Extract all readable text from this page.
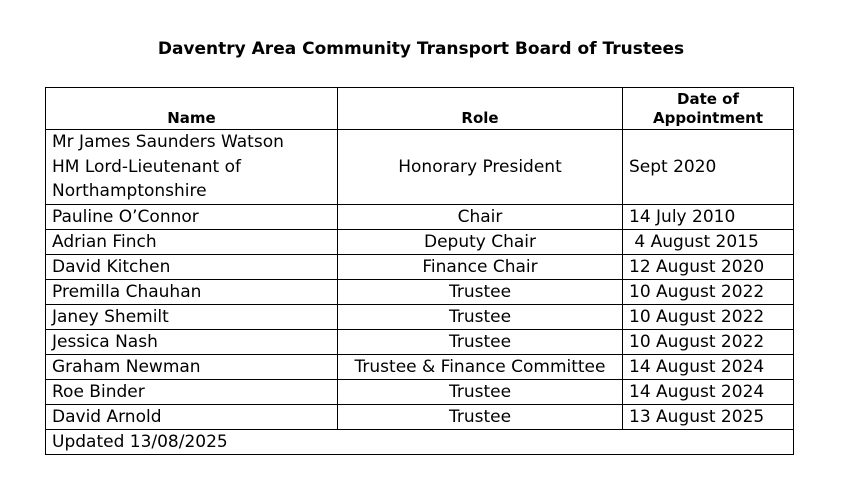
Daventry Area Community Transport Board of Trustees
Name	Role	Date of
Appointment

Mr James Saunders Watson
HM Lord-Lieutenant of
Northamptonshire	Honorary President	Sept 2020
Pauline O’Connor	Chair	14 July 2010
Adrian Finch	Deputy Chair	4 August 2015
David Kitchen	Finance Chair	12 August 2020
Premilla Chauhan	Trustee	10 August 2022
Janey Shemilt	Trustee	10 August 2022
Jessica Nash	Trustee	10 August 2022
Graham Newman	Trustee & Finance Committee	14 August 2024
Roe Binder	Trustee	14 August 2024
David Arnold	Trustee	13 August 2025
Updated 13/08/2025		
